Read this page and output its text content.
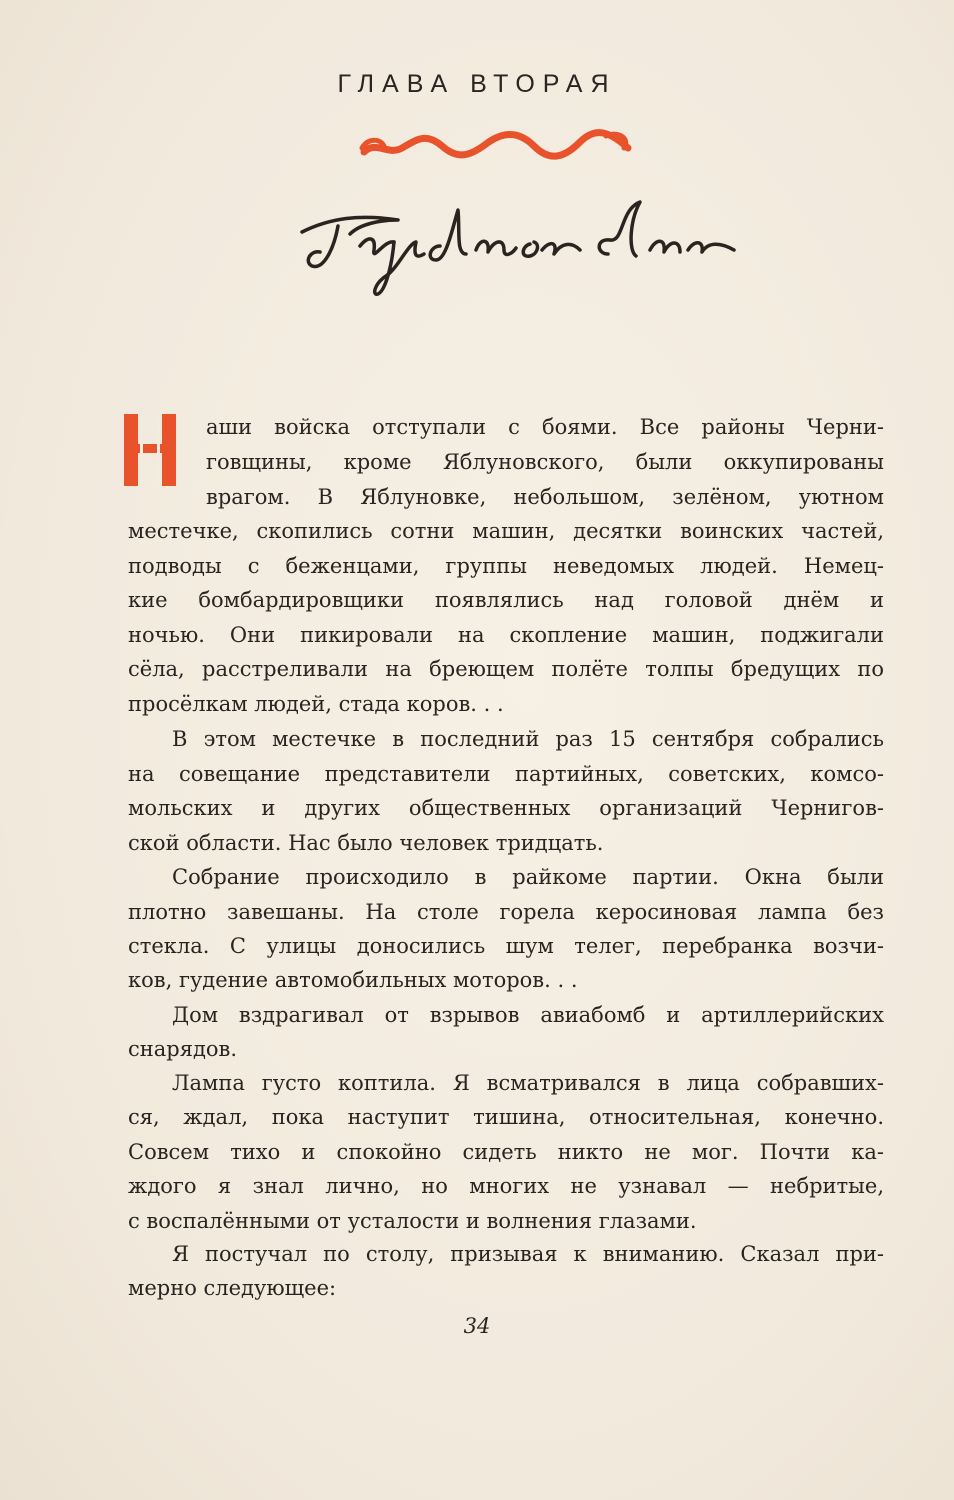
ГЛАВА ВТОРАЯ
Н
аши войска отступали с боями. Все районы Черни-
говщины, кроме Яблуновского, были оккупированы
врагом. В Яблуновке, небольшом, зелёном, уютном
местечке, скопились сотни машин, десятки воинских частей,
подводы с беженцами, группы неведомых людей. Немец-
кие бомбардировщики появлялись над головой днём и
ночью. Они пикировали на скопление машин, поджигали
сёла, расстреливали на бреющем полёте толпы бредущих по
просёлкам людей, стада коров. . .
В этом местечке в последний раз 15 сентября собрались
на совещание представители партийных, советских, комсо-
мольских и других общественных организаций Чернигов-
ской области. Нас было человек тридцать.
Собрание происходило в райкоме партии. Окна были
плотно завешаны. На столе горела керосиновая лампа без
стекла. С улицы доносились шум телег, перебранка возчи-
ков, гудение автомобильных моторов. . .
Дом вздрагивал от взрывов авиабомб и артиллерийских
снарядов.
Лампа густо коптила. Я всматривался в лица собравших-
ся, ждал, пока наступит тишина, относительная, конечно.
Совсем тихо и спокойно сидеть никто не мог. Почти ка-
ждого я знал лично, но многих не узнавал — небритые,
с воспалёнными от усталости и волнения глазами.
Я постучал по столу, призывая к вниманию. Сказал при-
мерно следующее:
34
